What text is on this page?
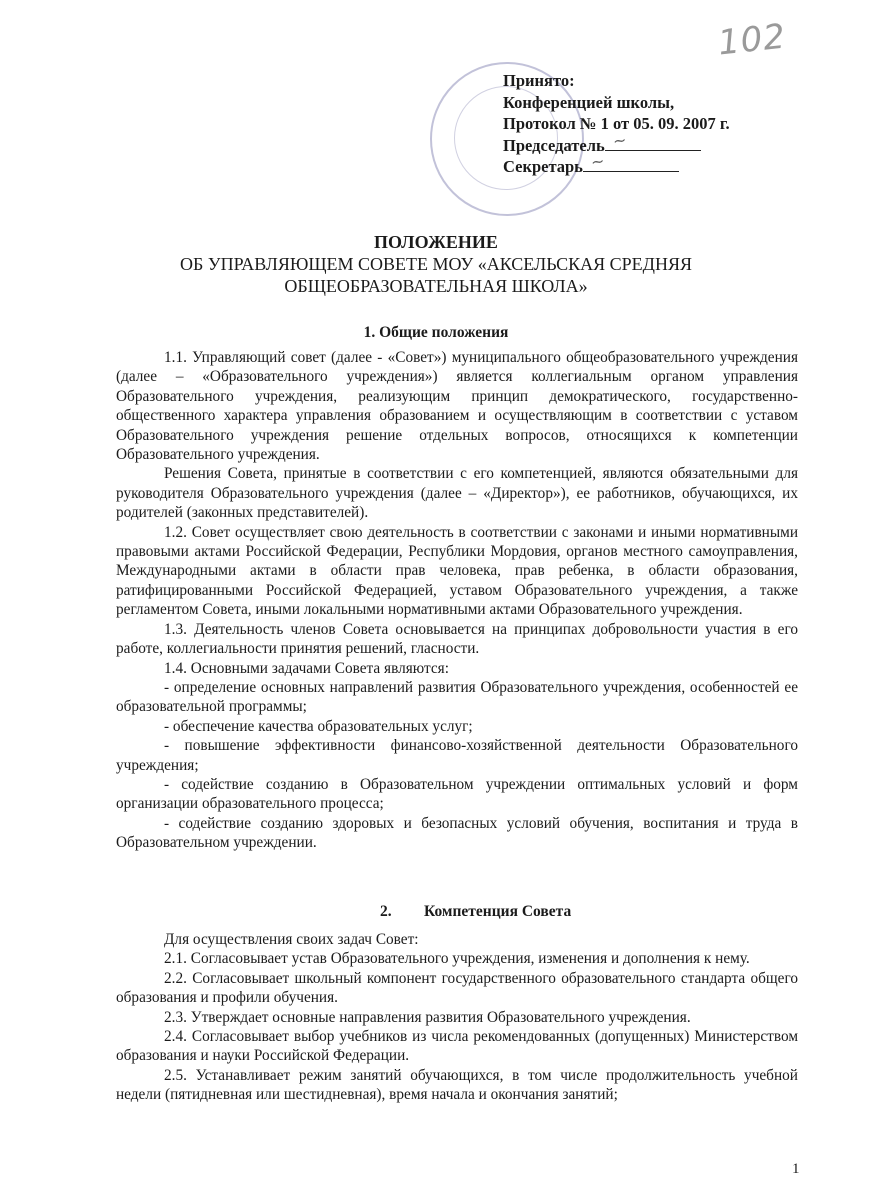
102
Принято:
Конференцией школы,
Протокол № 1 от 05. 09. 2007 г.
Председатель ~
Секретарь ~
ПОЛОЖЕНИЕ
ОБ УПРАВЛЯЮЩЕМ СОВЕТЕ МОУ «АКСЕЛЬСКАЯ СРЕДНЯЯ
ОБЩЕОБРАЗОВАТЕЛЬНАЯ ШКОЛА»
1. Общие положения

1.1. Управляющий совет (далее - «Совет») муниципального общеобразовательного учреждения (далее – «Образовательного учреждения») является коллегиальным органом управления Образовательного учреждения, реализующим принцип демократического, государственно-общественного характера управления образованием и осуществляющим в соответствии с уставом Образовательного учреждения решение отдельных вопросов, относящихся к компетенции Образовательного учреждения.

Решения Совета, принятые в соответствии с его компетенцией, являются обязательными для руководителя Образовательного учреждения (далее – «Директор»), ее работников, обучающихся, их родителей (законных представителей).

1.2. Совет осуществляет свою деятельность в соответствии с законами и иными нормативными правовыми актами Российской Федерации, Республики Мордовия, органов местного самоуправления, Международными актами в области прав человека, прав ребенка, в области образования, ратифицированными Российской Федерацией, уставом Образовательного учреждения, а также регламентом Совета, иными локальными нормативными актами Образовательного учреждения.

1.3. Деятельность членов Совета основывается на принципах добровольности участия в его работе, коллегиальности принятия решений, гласности.

1.4. Основными задачами Совета являются:

- определение основных направлений развития Образовательного учреждения, особенностей ее образовательной программы;

- обеспечение качества образовательных услуг;

- повышение эффективности финансово-хозяйственной деятельности Образовательного учреждения;

- содействие созданию в Образовательном учреждении оптимальных условий и форм организации образовательного процесса;

- содействие созданию здоровых и безопасных условий обучения, воспитания и труда в Образовательном учреждении.

2. Компетенция Совета

Для осуществления своих задач Совет:

2.1. Согласовывает устав Образовательного учреждения, изменения и дополнения к нему.

2.2. Согласовывает школьный компонент государственного образовательного стандарта общего образования и профили обучения.

2.3. Утверждает основные направления развития Образовательного учреждения.

2.4. Согласовывает выбор учебников из числа рекомендованных (допущенных) Министерством образования и науки Российской Федерации.

2.5. Устанавливает режим занятий обучающихся, в том числе продолжительность учебной недели (пятидневная или шестидневная), время начала и окончания занятий;

1
